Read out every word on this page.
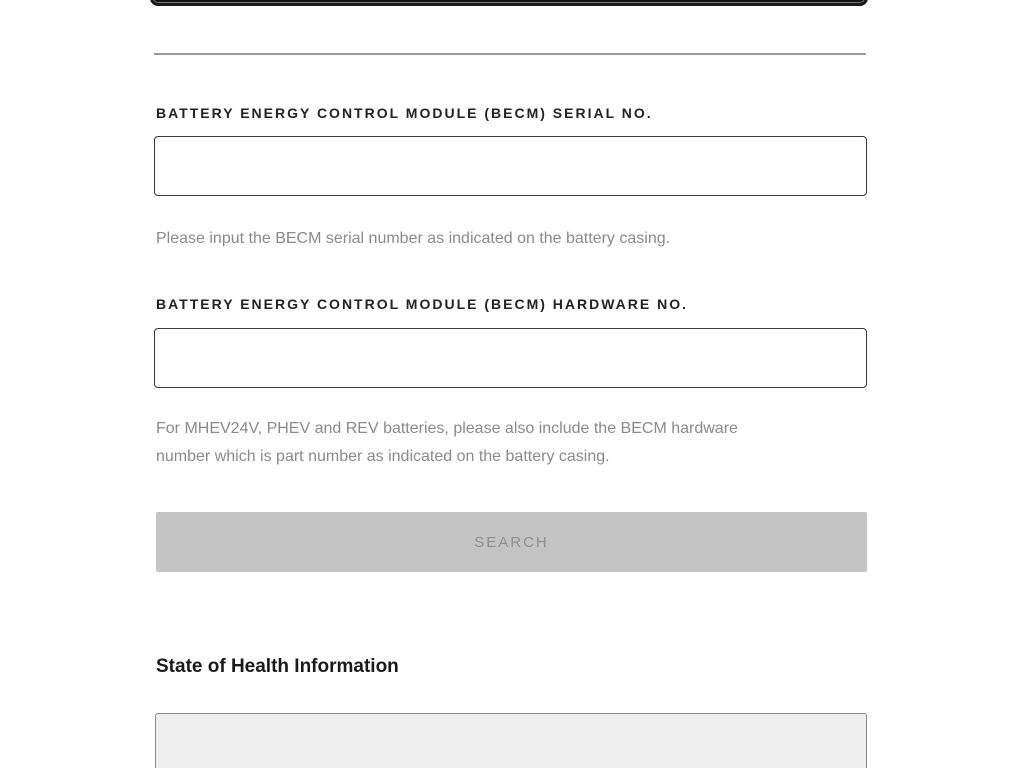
BATTERY ENERGY CONTROL MODULE (BECM) SERIAL NO.
Please input the BECM serial number as indicated on the battery casing.
BATTERY ENERGY CONTROL MODULE (BECM) HARDWARE NO.
For MHEV24V, PHEV and REV batteries, please also include the BECM hardware
number which is part number as indicated on the battery casing.
SEARCH
State of Health Information
